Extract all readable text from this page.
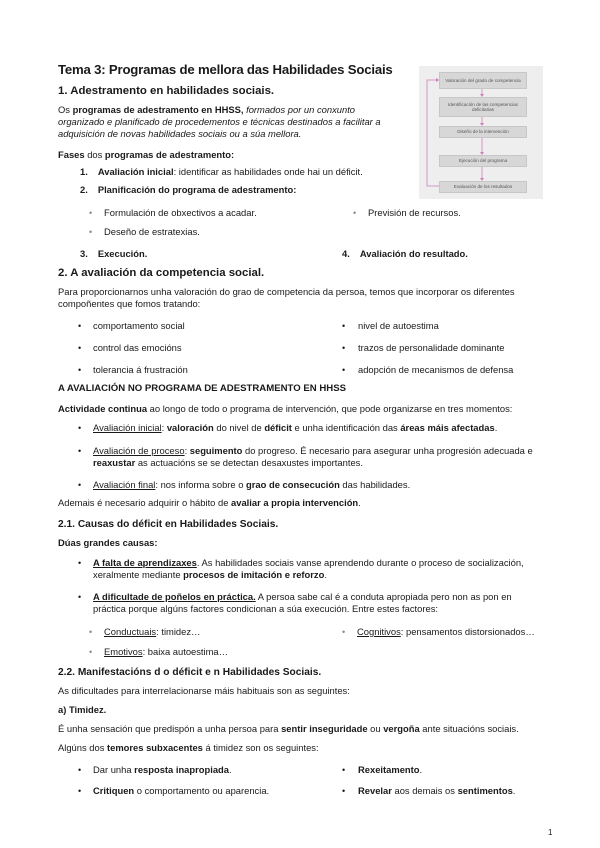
Tema 3: Programas de mellora das Habilidades Sociais
1. Adestramento en habilidades sociais.
Os programas de adestramento en HHSS, formados por un conxunto
organizado e planificado de procedementos e técnicas destinados a facilitar a
adquisición de novas habilidades sociais ou a súa mellora.
Fases dos programas de adestramento:
1. Avaliación inicial: identificar as habilidades onde hai un déficit.
2. Planificación do programa de adestramento:
• Formulación de obxectivos a acadar.	• Previsión de recursos.
• Deseño de estratexias.
3. Execución.	4. Avaliación do resultado.
Valoración del grado de competencia
Identificación de las competencias deficitarias
Diseño de la intervención
Ejecución del programa
Evaluación de los resultados
2. A avaliación da competencia social.
Para proporcionarnos unha valoración do grao de competencia da persoa, temos que incorporar os diferentes
compoñentes que fomos tratando:
• comportamento social	• nivel de autoestima
• control das emocións	• trazos de personalidade dominante
• tolerancia á frustración	• adopción de mecanismos de defensa
A AVALIACIÓN NO PROGRAMA DE ADESTRAMENTO EN HHSS
Actividade continua ao longo de todo o programa de intervención, que pode organizarse en tres momentos:
• Avaliación inicial: valoración do nivel de déficit e unha identificación das áreas máis afectadas.
• Avaliación de proceso: seguimento do progreso. É necesario para asegurar unha progresión adecuada e
reaxustar as actuacións se se detectan desaxustes importantes.
• Avaliación final: nos informa sobre o grao de consecución das habilidades.
Ademais é necesario adquirir o hábito de avaliar a propia intervención.
2.1. Causas do déficit en Habilidades Sociais.
Dúas grandes causas:
• A falta de aprendizaxes. As habilidades sociais vanse aprendendo durante o proceso de socialización,
xeralmente mediante procesos de imitación e reforzo.
• A dificultade de poñelos en práctica. A persoa sabe cal é a conduta apropiada pero non as pon en
práctica porque algúns factores condicionan a súa execución. Entre estes factores:
• Conductuais: timidez…	• Cognitivos: pensamentos distorsionados…
• Emotivos: baixa autoestima…
2.2. Manifestacións d o déficit e n Habilidades Sociais.
As dificultades para interrelacionarse máis habituais son as seguintes:
a) Timidez.
É unha sensación que predispón a unha persoa para sentir inseguridade ou vergoña ante situacións sociais.
Algúns dos temores subxacentes á timidez son os seguintes:
• Dar unha resposta inapropiada.	• Rexeitamento.
• Critiquen o comportamento ou aparencia.	• Revelar aos demais os sentimentos.
1
